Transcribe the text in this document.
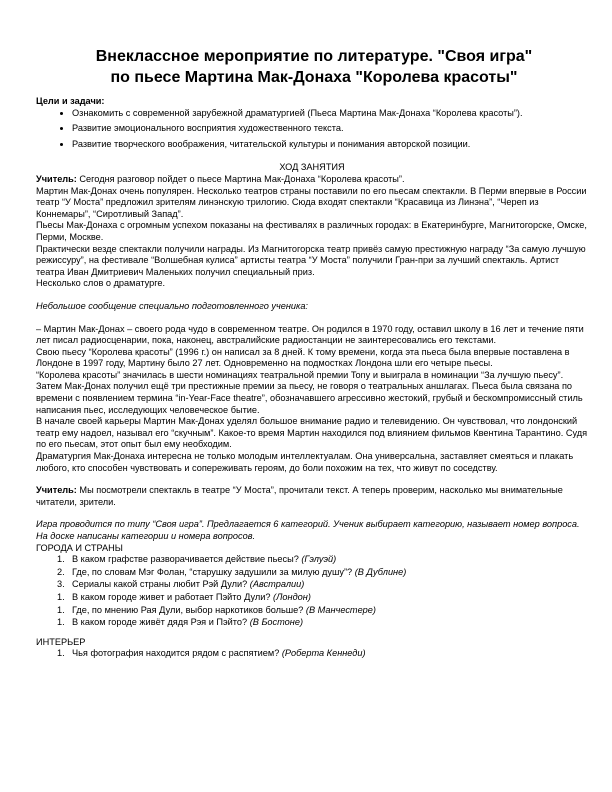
Внеклассное мероприятие по литературе. "Своя игра"
по пьесе Мартина Мак-Донаха "Королева красоты"

Цели и задачи:

• Ознакомить с современной зарубежной драматургией (Пьеса Мартина Мак-Донаха “Королева красоты”).
• Развитие эмоционального восприятия художественного текста.
• Развитие творческого воображения, читательской культуры и понимания авторской позиции.

ХОД ЗАНЯТИЯ

Учитель: Сегодня разговор пойдет о пьесе Мартина Мак-Донаха “Королева красоты”.

Мартин Мак-Донах очень популярен. Несколько театров страны поставили по его пьесам спектакли. В Перми впервые в России театр “У Моста” предложил зрителям линэнскую трилогию. Сюда входят спектакли “Красавица из Линэна”, “Череп из Коннемары”, “Сиротливый Запад”.

Пьесы Мак-Донаха с огромным успехом показаны на фестивалях в различных городах: в Екатеринбурге, Магнитогорске, Омске, Перми, Москве.

Практически везде спектакли получили награды. Из Магнитогорска театр привёз самую престижную награду “За самую лучшую режиссуру”, на фестивале “Волшебная кулиса” артисты театра “У Моста” получили Гран-при за лучший спектакль. Артист театра Иван Дмитриевич Маленьких получил специальный приз.

Несколько слов о драматурге.

Небольшое сообщение специально подготовленного ученика:

– Мартин Мак-Донах – своего рода чудо в современном театре. Он родился в 1970 году, оставил школу в 16 лет и течение пяти лет писал радиосценарии, пока, наконец, австралийские радиостанции не заинтересовались его текстами.

Свою пьесу “Королева красоты” (1996 г.) он написал за 8 дней. К тому времени, когда эта пьеса была впервые поставлена в Лондоне в 1997 году, Мартину было 27 лет. Одновременно на подмостках Лондона шли его четыре пьесы.

“Королева красоты” значилась в шести номинациях театральной премии Tony и выиграла в номинации “За лучшую пьесу”. Затем Мак-Донах получил ещё три престижные премии за пьесу, не говоря о театральных аншлагах. Пьеса была связана по времени с появлением термина “in-Year-Face theatre”, обозначавшего агрессивно жестокий, грубый и бескомпромиссный стиль написания пьес, исследующих человеческое бытие.

В начале своей карьеры Мартин Мак-Донах уделял большое внимание радио и телевидению. Он чувствовал, что лондонский театр ему надоел, называл его “скучным”. Какое-то время Мартин находился под влиянием фильмов Квентина Тарантино. Судя по его пьесам, этот опыт был ему необходим.

Драматургия Мак-Донаха интересна не только молодым интеллектуалам. Она универсальна, заставляет смеяться и плакать любого, кто способен чувствовать и сопереживать героям, до боли похожим на тех, что живут по соседству.

Учитель: Мы посмотрели спектакль в театре “У Моста”, прочитали текст. А теперь проверим, насколько мы внимательные читатели, зрители.

Игра проводится по типу “Своя игра”. Предлагается 6 категорий. Ученик выбирает категорию, называет номер вопроса. На доске написаны категории и номера вопросов.

ГОРОДА И СТРАНЫ

1. В каком графстве разворачивается действие пьесы? (Гэлуэй)
2. Где, по словам Мэг Фолан, “старушку задушили за милую душу”? (В Дублине)
3. Сериалы какой страны любит Рэй Дули? (Австралии)
1. В каком городе живет и работает Пэйто Дули? (Лондон)
1. Где, по мнению Рая Дули, выбор наркотиков больше? (В Манчестере)
1. В каком городе живёт дядя Рэя и Пэйто? (В Бостоне)

ИНТЕРЬЕР

1. Чья фотография находится рядом с распятием? (Роберта Кеннеди)
